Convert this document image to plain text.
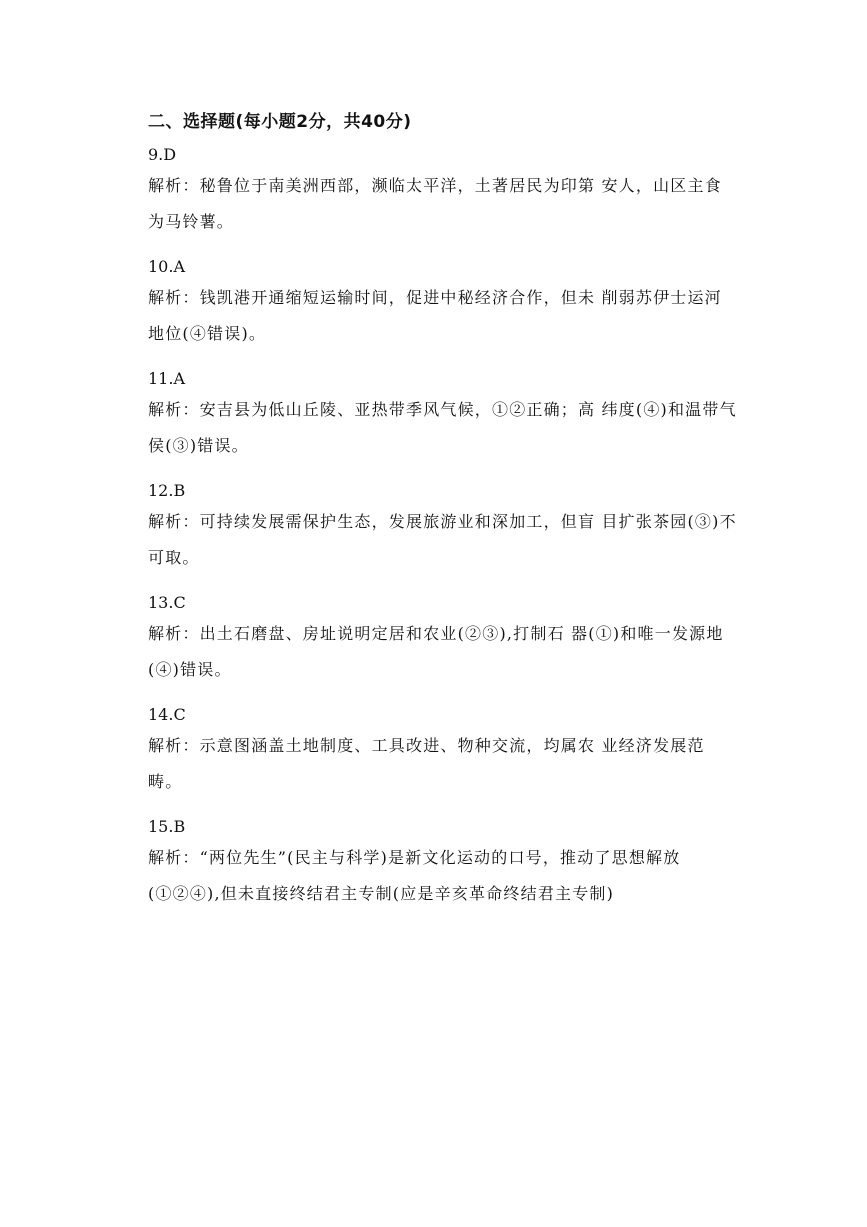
二、选择题(每小题2分，共40分)

9.D

解析：秘鲁位于南美洲西部，濒临太平洋，土著居民为印第 安人，山区主食为马铃薯。

10.A

解析：钱凯港开通缩短运输时间，促进中秘经济合作，但未 削弱苏伊士运河地位(④错误)。

11.A

解析：安吉县为低山丘陵、亚热带季风气候，①②正确；高 纬度(④)和温带气侯(③)错误。

12.B

解析：可持续发展需保护生态，发展旅游业和深加工，但盲 目扩张茶园(③)不可取。

13.C

解析：出土石磨盘、房址说明定居和农业(②③),打制石 器(①)和唯一发源地(④)错误。

14.C

解析：示意图涵盖土地制度、工具改进、物种交流，均属农 业经济发展范畴。

15.B

解析：“两位先生”(民主与科学)是新文化运动的口号，推动了思想解放(①②④),但未直接终结君主专制(应是辛亥革命终结君主专制)
